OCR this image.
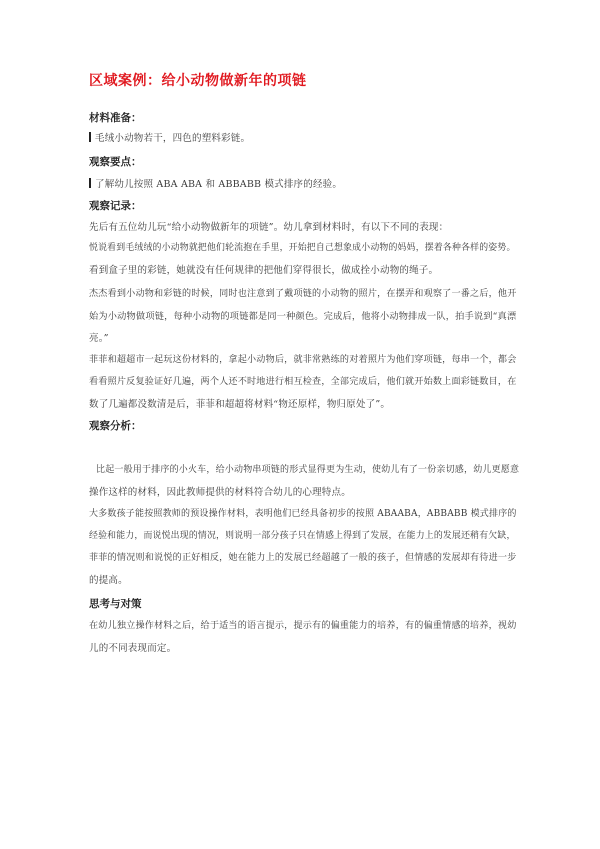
区域案例：给小动物做新年的项链
材料准备：
毛绒小动物若干，四色的塑料彩链。
观察要点：
了解幼儿按照 ABA ABA 和 ABBABB 模式排序的经验。
观察记录：
先后有五位幼儿玩“给小动物做新年的项链”。幼儿拿到材料时，有以下不同的表现：
悦说看到毛绒绒的小动物就把他们轮流抱在手里，开始把自己想象成小动物的妈妈，摆着各种各样的姿势。
看到盒子里的彩链，她就没有任何规律的把他们穿得很长，做成拴小动物的绳子。
杰杰看到小动物和彩链的时候，同时也注意到了戴项链的小动物的照片，在摆弄和观察了一番之后，他开
始为小动物做项链，每种小动物的项链都是同一种颜色。完成后，他将小动物排成一队，拍手说到“真漂
亮。”
菲菲和超超市一起玩这份材料的，拿起小动物后，就非常熟练的对着照片为他们穿项链，每串一个，都会
看看照片反复验证好几遍，两个人还不时地进行相互检查，全部完成后，他们就开始数上面彩链数目，在
数了几遍都没数清是后，菲菲和超超将材料“物还原样，物归原处了”。
观察分析：
比起一般用于排序的小火车，给小动物串项链的形式显得更为生动，使幼儿有了一份亲切感，幼儿更愿意
操作这样的材料，因此教师提供的材料符合幼儿的心理特点。
大多数孩子能按照教师的预设操作材料，表明他们已经具备初步的按照 ABAABA，ABBABB 模式排序的
经验和能力，而说悦出现的情况，则说明一部分孩子只在情感上得到了发展，在能力上的发展还稍有欠缺，
菲菲的情况则和说悦的正好相反，她在能力上的发展已经超越了一般的孩子，但情感的发展却有待进一步
的提高。
思考与对策
在幼儿独立操作材料之后，给于适当的语言提示，提示有的偏重能力的培养，有的偏重情感的培养，视幼
儿的不同表现而定。
